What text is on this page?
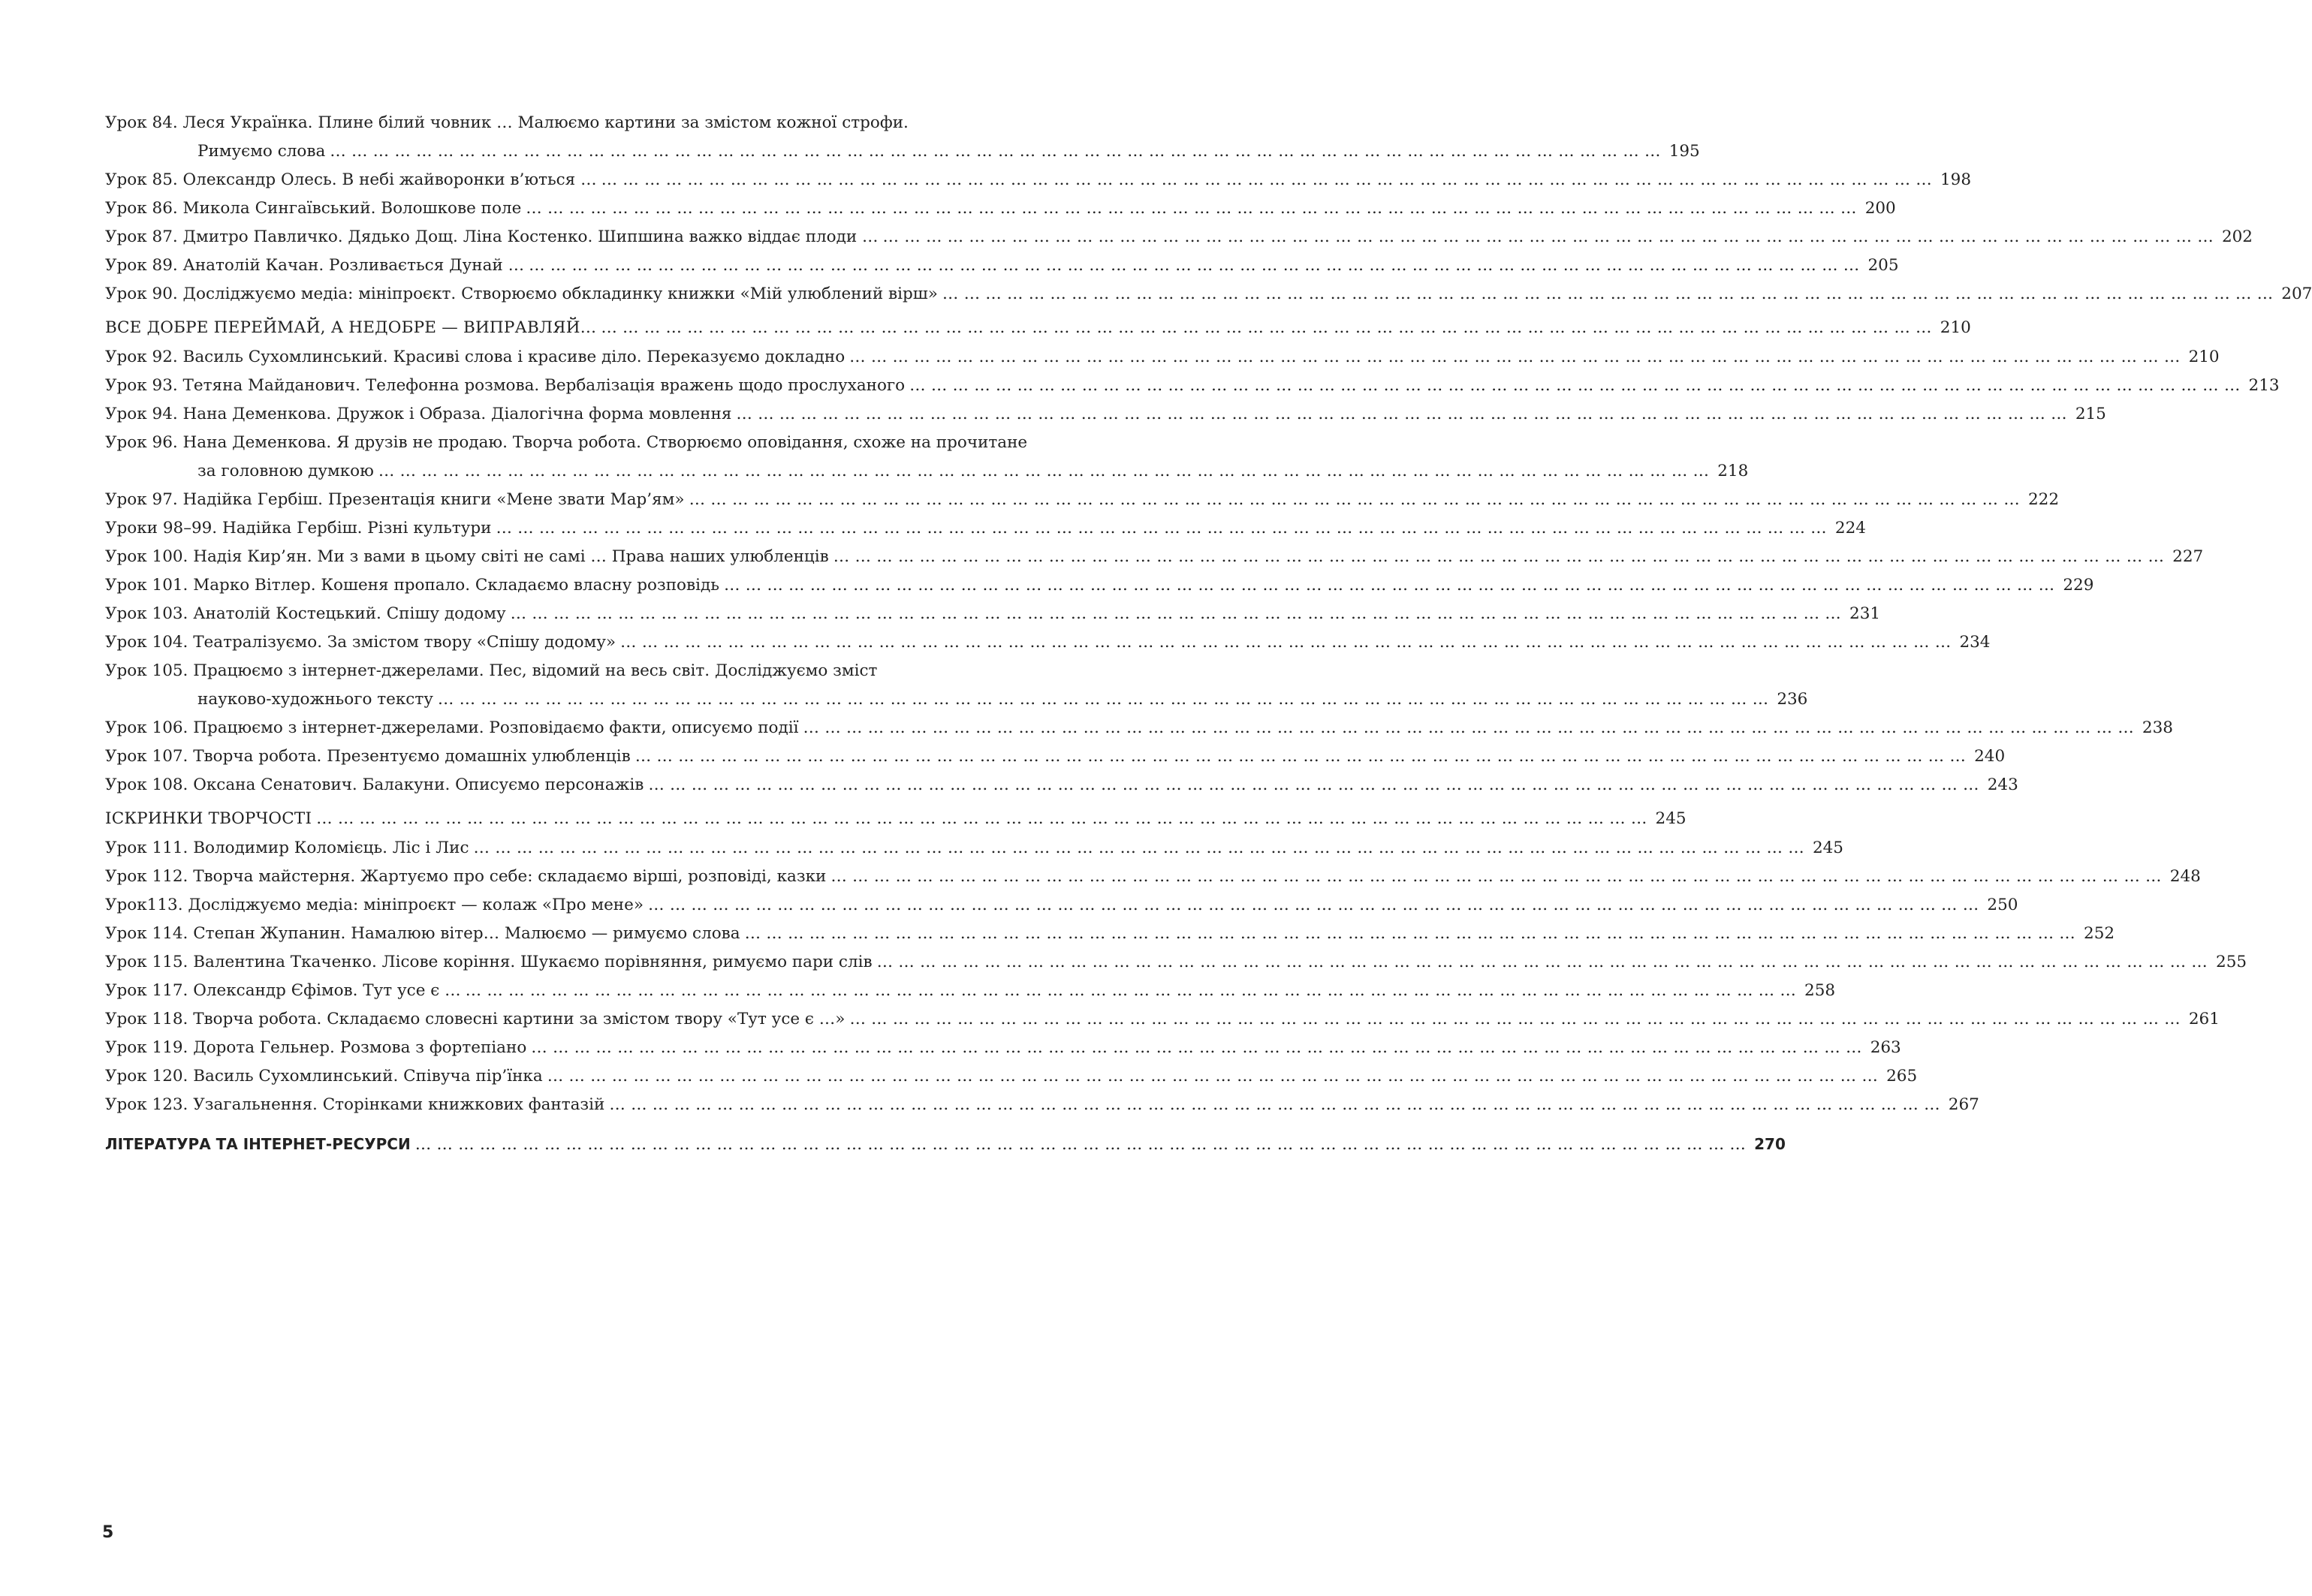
Урок 84. Леся Українка. Плине білий човник … Малюємо картини за змістом кожної строфи.
Римуємо слова …………………………………………………………………………………………………………………………………………………………………… 195
Урок 85. Олександр Олесь. В небі жайворонки в’ються … …………………………………………………………………………………………………………………………………………………………………… 198
Урок 86. Микола Сингаївський. Волошкове поле …………………………………………………………………………………………………………………………………………………………………… 200
Урок 87. Дмитро Павличко. Дядько Дощ. Ліна Костенко. Шипшина важко віддає плоди … …………………………………………………………………………………………………………………………………………………………………… 202
Урок 89. Анатолій Качан. Розливається Дунай … …………………………………………………………………………………………………………………………………………………………………… 205
Урок 90. Досліджуємо медіа: мініпроєкт. Створюємо обкладинку книжки «Мій улюблений вірш» …………………………………………………………………………………………………………………………………………………………………… 207
ВСЕ ДОБРЕ ПЕРЕЙМАЙ, А НЕДОБРЕ — ВИПРАВЛЯЙ… …………………………………………………………………………………………………………………………………………………………………… 210
Урок 92. Василь Сухомлинський. Красиві слова і красиве діло. Переказуємо докладно …………………………………………………………………………………………………………………………………………………………………… 210
Урок 93. Тетяна Майданович. Телефонна розмова. Вербалізація вражень щодо прослуханого …………………………………………………………………………………………………………………………………………………………………… 213
Урок 94. Нана Деменкова. Дружок і Образа. Діалогічна форма мовлення …………………………………………………………………………………………………………………………………………………………………… 215
Урок 96. Нана Деменкова. Я друзів не продаю. Творча робота. Створюємо оповідання, схоже на прочитане
за головною думкою …………………………………………………………………………………………………………………………………………………………………… 218
Урок 97. Надійка Гербіш. Презентація книги «Мене звати Мар’ям» …………………………………………………………………………………………………………………………………………………………………… 222
Уроки 98–99. Надійка Гербіш. Різні культури …………………………………………………………………………………………………………………………………………………………………… 224
Урок 100. Надія Кир’ян. Ми з вами в цьому світі не самі … Права наших улюбленців …………………………………………………………………………………………………………………………………………………………………… 227
Урок 101. Марко Вітлер. Кошеня пропало. Складаємо власну розповідь …………………………………………………………………………………………………………………………………………………………………… 229
Урок 103. Анатолій Костецький. Спішу додому …………………………………………………………………………………………………………………………………………………………………… 231
Урок 104. Театралізуємо. За змістом твору «Спішу додому» …………………………………………………………………………………………………………………………………………………………………… 234
Урок 105. Працюємо з інтернет-джерелами. Пес, відомий на весь світ. Досліджуємо зміст
науково-художнього тексту …………………………………………………………………………………………………………………………………………………………………… 236
Урок 106. Працюємо з інтернет-джерелами. Розповідаємо факти, описуємо події …………………………………………………………………………………………………………………………………………………………………… 238
Урок 107. Творча робота. Презентуємо домашніх улюбленців …………………………………………………………………………………………………………………………………………………………………… 240
Урок 108. Оксана Сенатович. Балакуни. Описуємо персонажів …………………………………………………………………………………………………………………………………………………………………… 243
ІСКРИНКИ ТВОРЧОСТІ …………………………………………………………………………………………………………………………………………………………………… 245
Урок 111. Володимир Коломієць. Ліс і Лис …………………………………………………………………………………………………………………………………………………………………… 245
Урок 112. Творча майстерня. Жартуємо про себе: складаємо вірші, розповіді, казки …………………………………………………………………………………………………………………………………………………………………… 248
Урок113. Досліджуємо медіа: мініпроєкт — колаж «Про мене» …………………………………………………………………………………………………………………………………………………………………… 250
Урок 114. Степан Жупанин. Намалюю вітер… Малюємо — римуємо слова …………………………………………………………………………………………………………………………………………………………………… 252
Урок 115. Валентина Ткаченко. Лісове коріння. Шукаємо порівняння, римуємо пари слів …………………………………………………………………………………………………………………………………………………………………… 255
Урок 117. Олександр Єфімов. Тут усе є … …………………………………………………………………………………………………………………………………………………………………… 258
Урок 118. Творча робота. Складаємо словесні картини за змістом твору «Тут усе є …» …………………………………………………………………………………………………………………………………………………………………… 261
Урок 119. Дорота Гельнер. Розмова з фортепіано …………………………………………………………………………………………………………………………………………………………………… 263
Урок 120. Василь Сухомлинський. Співуча пір’їнка …………………………………………………………………………………………………………………………………………………………………… 265
Урок 123. Узагальнення. Сторінками книжкових фантазій …………………………………………………………………………………………………………………………………………………………………… 267
ЛІТЕРАТУРА ТА ІНТЕРНЕТ-РЕСУРСИ …………………………………………………………………………………………………………………………………………………………………… 270
5
